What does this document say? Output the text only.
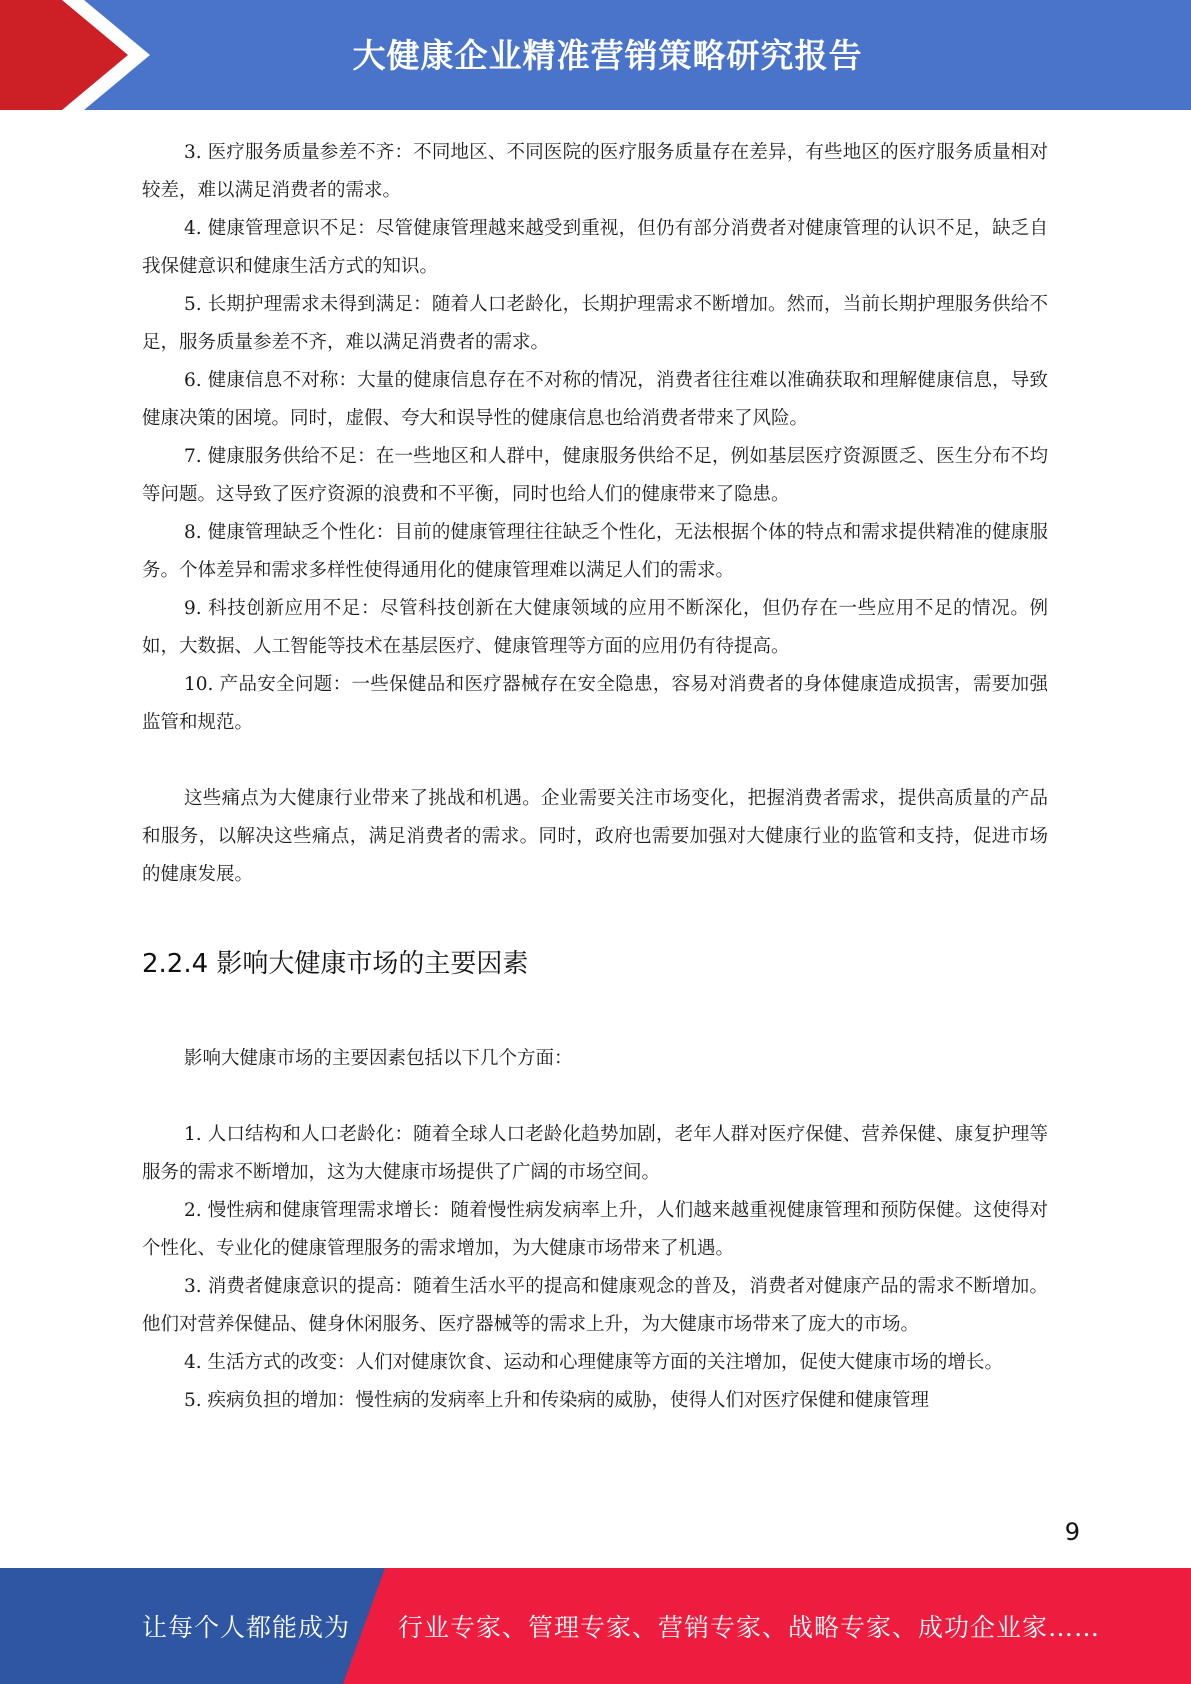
大健康企业精准营销策略研究报告

3. 医疗服务质量参差不齐：不同地区、不同医院的医疗服务质量存在差异，有些地区的医疗服务质量相对较差，难以满足消费者的需求。

4. 健康管理意识不足：尽管健康管理越来越受到重视，但仍有部分消费者对健康管理的认识不足，缺乏自我保健意识和健康生活方式的知识。

5. 长期护理需求未得到满足：随着人口老龄化，长期护理需求不断增加。然而，当前长期护理服务供给不足，服务质量参差不齐，难以满足消费者的需求。

6. 健康信息不对称：大量的健康信息存在不对称的情况，消费者往往难以准确获取和理解健康信息，导致健康决策的困境。同时，虚假、夸大和误导性的健康信息也给消费者带来了风险。

7. 健康服务供给不足：在一些地区和人群中，健康服务供给不足，例如基层医疗资源匮乏、医生分布不均等问题。这导致了医疗资源的浪费和不平衡，同时也给人们的健康带来了隐患。

8. 健康管理缺乏个性化：目前的健康管理往往缺乏个性化，无法根据个体的特点和需求提供精准的健康服务。个体差异和需求多样性使得通用化的健康管理难以满足人们的需求。

9. 科技创新应用不足：尽管科技创新在大健康领域的应用不断深化，但仍存在一些应用不足的情况。例如，大数据、人工智能等技术在基层医疗、健康管理等方面的应用仍有待提高。

10. 产品安全问题：一些保健品和医疗器械存在安全隐患，容易对消费者的身体健康造成损害，需要加强监管和规范。

这些痛点为大健康行业带来了挑战和机遇。企业需要关注市场变化，把握消费者需求，提供高质量的产品和服务，以解决这些痛点，满足消费者的需求。同时，政府也需要加强对大健康行业的监管和支持，促进市场的健康发展。

2.2.4 影响大健康市场的主要因素

影响大健康市场的主要因素包括以下几个方面：

1. 人口结构和人口老龄化：随着全球人口老龄化趋势加剧，老年人群对医疗保健、营养保健、康复护理等服务的需求不断增加，这为大健康市场提供了广阔的市场空间。

2. 慢性病和健康管理需求增长：随着慢性病发病率上升，人们越来越重视健康管理和预防保健。这使得对个性化、专业化的健康管理服务的需求增加，为大健康市场带来了机遇。

3. 消费者健康意识的提高：随着生活水平的提高和健康观念的普及，消费者对健康产品的需求不断增加。他们对营养保健品、健身休闲服务、医疗器械等的需求上升，为大健康市场带来了庞大的市场。

4. 生活方式的改变：人们对健康饮食、运动和心理健康等方面的关注增加，促使大健康市场的增长。

5. 疾病负担的增加：慢性病的发病率上升和传染病的威胁，使得人们对医疗保健和健康管理

9
让每个人都能成为 行业专家、管理专家、营销专家、战略专家、成功企业家……
